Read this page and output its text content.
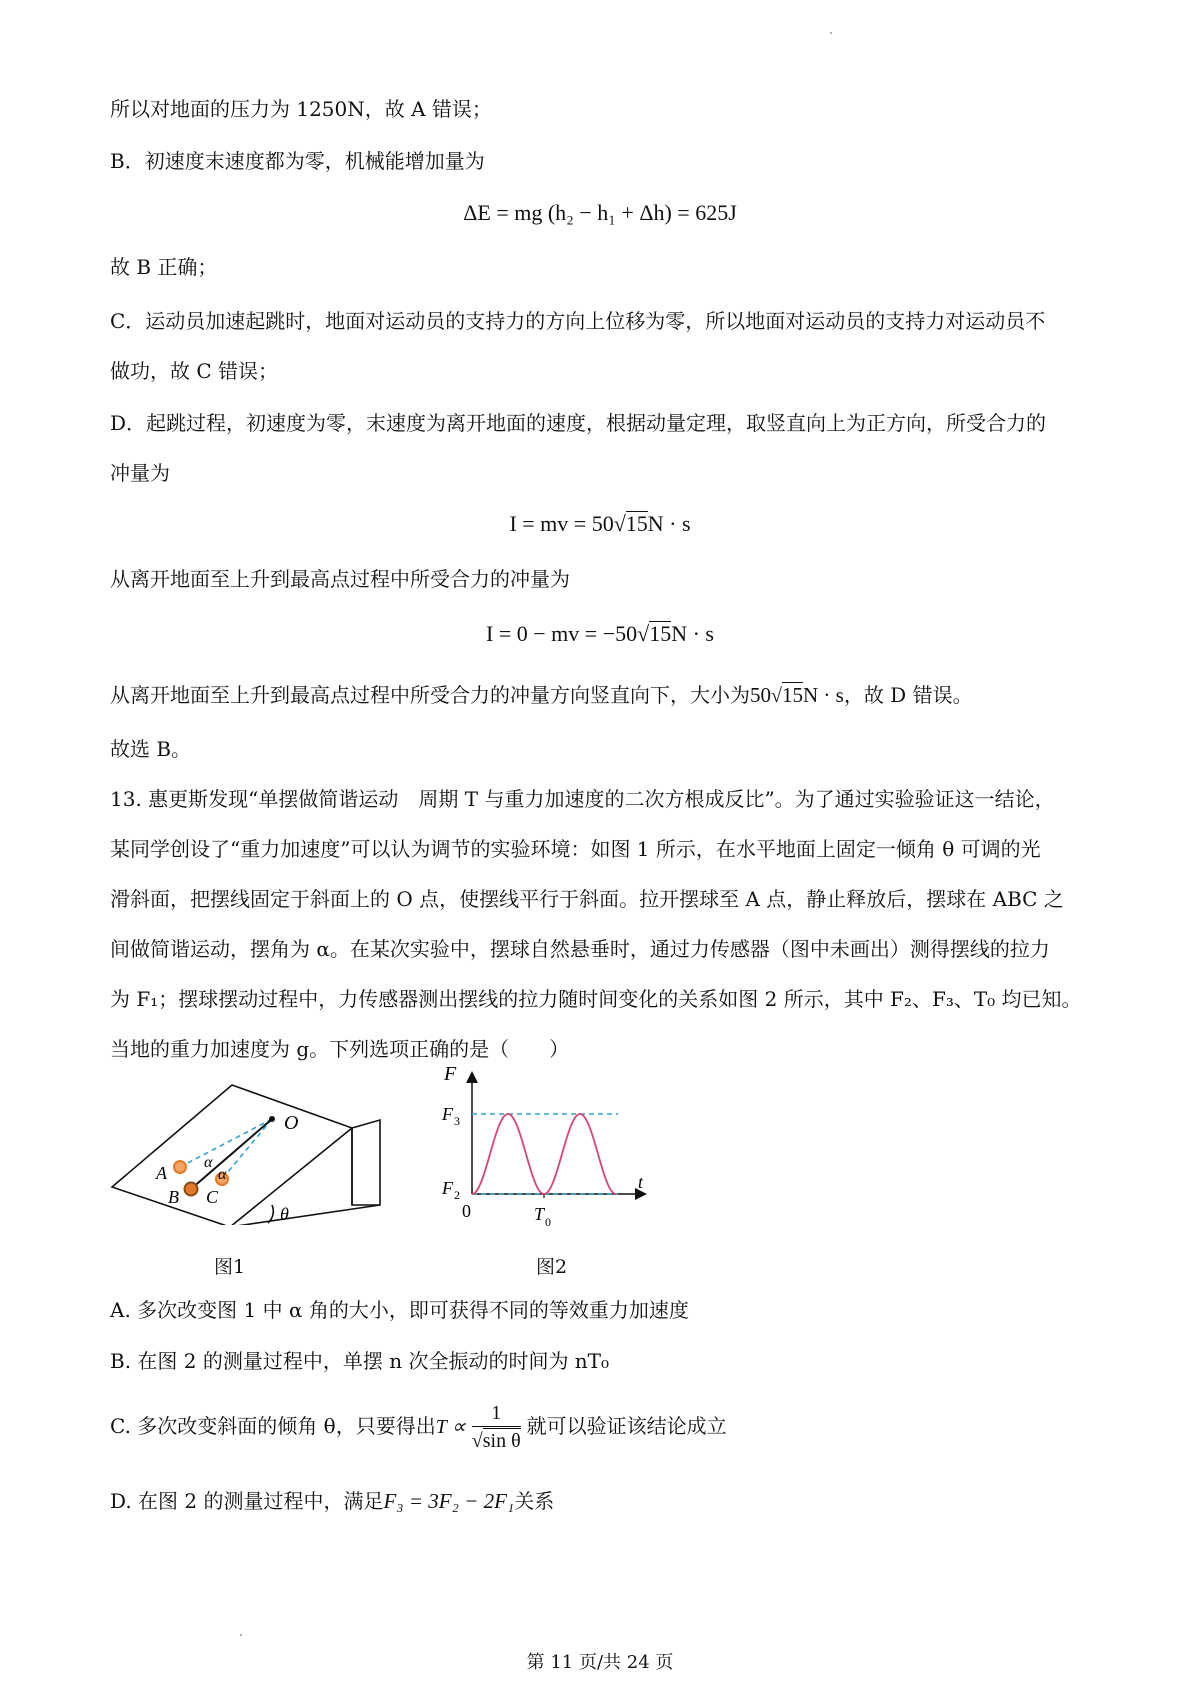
所以对地面的压力为 1250N，故 A 错误；
B．初速度末速度都为零，机械能增加量为
ΔE = mg (h₂ − h₁ + Δh) = 625J
故 B 正确；
C．运动员加速起跳时，地面对运动员的支持力的方向上位移为零，所以地面对运动员的支持力对运动员不
做功，故 C 错误；
D．起跳过程，初速度为零，末速度为离开地面的速度，根据动量定理，取竖直向上为正方向，所受合力的
冲量为
I = mv = 50√15N · s
从离开地面至上升到最高点过程中所受合力的冲量为
I = 0 − mv = −50√15N · s
从离开地面至上升到最高点过程中所受合力的冲量方向竖直向下，大小为50√15N · s，故 D 错误。
故选 B。
13. 惠更斯发现“单摆做简谐运动　周期 T 与重力加速度的二次方根成反比”。为了通过实验验证这一结论，
某同学创设了“重力加速度”可以认为调节的实验环境：如图 1 所示，在水平地面上固定一倾角 θ 可调的光
滑斜面，把摆线固定于斜面上的 O 点，使摆线平行于斜面。拉开摆球至 A 点，静止释放后，摆球在 ABC 之
间做简谐运动，摆角为 α。在某次实验中，摆球自然悬垂时，通过力传感器（图中未画出）测得摆线的拉力
为 F₁；摆球摆动过程中，力传感器测出摆线的拉力随时间变化的关系如图 2 所示，其中 F₂、F₃、T₀ 均已知。
当地的重力加速度为 g。下列选项正确的是（　　）
O
A
B C
α
α
θ
图1
F
F 3
F 2
0	T 0
t
图2
A. 多次改变图 1 中 α 角的大小，即可获得不同的等效重力加速度
B. 在图 2 的测量过程中，单摆 n 次全振动的时间为 nT₀
C. 多次改变斜面的倾角 θ，只要得出$T \propto \frac{1}{\text{√sin θ}}$ 就可以验证该结论成立
D. 在图 2 的测量过程中，满足F₃ = 3F₂ − 2F₁关系
第 11 页/共 24 页
